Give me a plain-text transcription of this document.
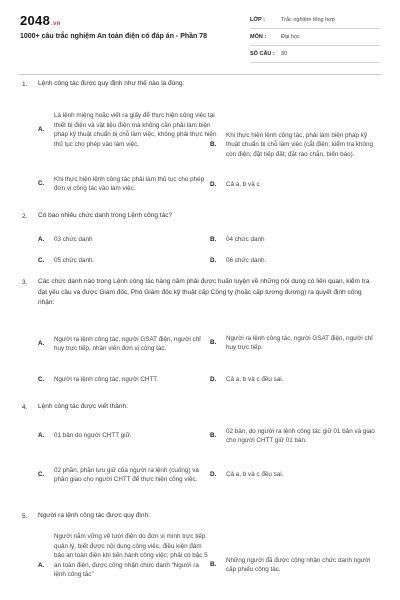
2048.vn
1000+ câu trắc nghiệm An toàn điện có đáp án - Phần 78
LỚP :	Trắc nghiệm tổng hợp
MÔN :	Đại học
SỐ CÂU :	30
1. Lệnh công tác được quy định như thế nào là đúng:
A.
Là lệnh miệng hoặc viết ra giấy để thực hiện công việc tại thiết bị điện và vật liệu điện mà không cần phải làm biện pháp kỹ thuật chuẩn bị chỗ làm việc, không phải thực hiện thủ tục cho phép vào làm việc.	B.
Khi thực hiện lệnh công tác, phải làm biện pháp kỹ thuật chuẩn bị chỗ làm việc (cắt điện; kiểm tra không còn điện; đặt tiếp đất; đặt rào chắn, biển báo).
C.
Khi thực hiện lệnh công tác phải làm thủ tục cho phép đơn vị công tác vào làm việc.
D.	Cả a, b và c
2. Có bao nhiêu chức danh trong Lệnh công tác?
A.	03 chức danh	B.	04 chức danh
C.	05 chức danh.	D.	06 chức danh.
3. Các chức danh nào trong Lệnh công tác hàng năm phải được huấn luyện về những nội dung có liên quan, kiểm tra đạt yêu cầu và được Giám đốc, Phó Giám đốc kỹ thuật cấp Công ty (hoặc cấp tương đương) ra quyết định công nhận:
A.
Người ra lệnh công tác, người GSAT điện, người chỉ huy trực tiếp, nhân viên đơn vị công tác.
B.
Người ra lệnh công tác, người GSAT điện, người chỉ huy trực tiếp.
C.	Người ra lệnh công tác, người CHTT.	D.	Cả a, b và c đều sai.
4. Lệnh công tác được viết thành:
A.	01 bản do người CHTT giữ.	B.
02 bản, do người ra lệnh công tác giữ 01 bản và giao cho người CHTT giữ 01 bản.
C.
02 phần, phần lưu giữ của người ra lệnh (cuống) và phần giao cho người CHTT để thực hiện công việc.
D.	Cả a, b và c đều sai.
5. Người ra lệnh công tác được quy định:
A.
Người nắm vững về lưới điện do đơn vị mình trực tiếp quản lý, biết được nội dung công việc, điều kiện đảm bảo an toàn điện khi tiến hành công việc; phải có bậc 5 an toàn điện, được công nhận chức danh “Người ra lệnh công tác”
B.
Những người đã được công nhận chức danh người cấp phiếu công tác.
